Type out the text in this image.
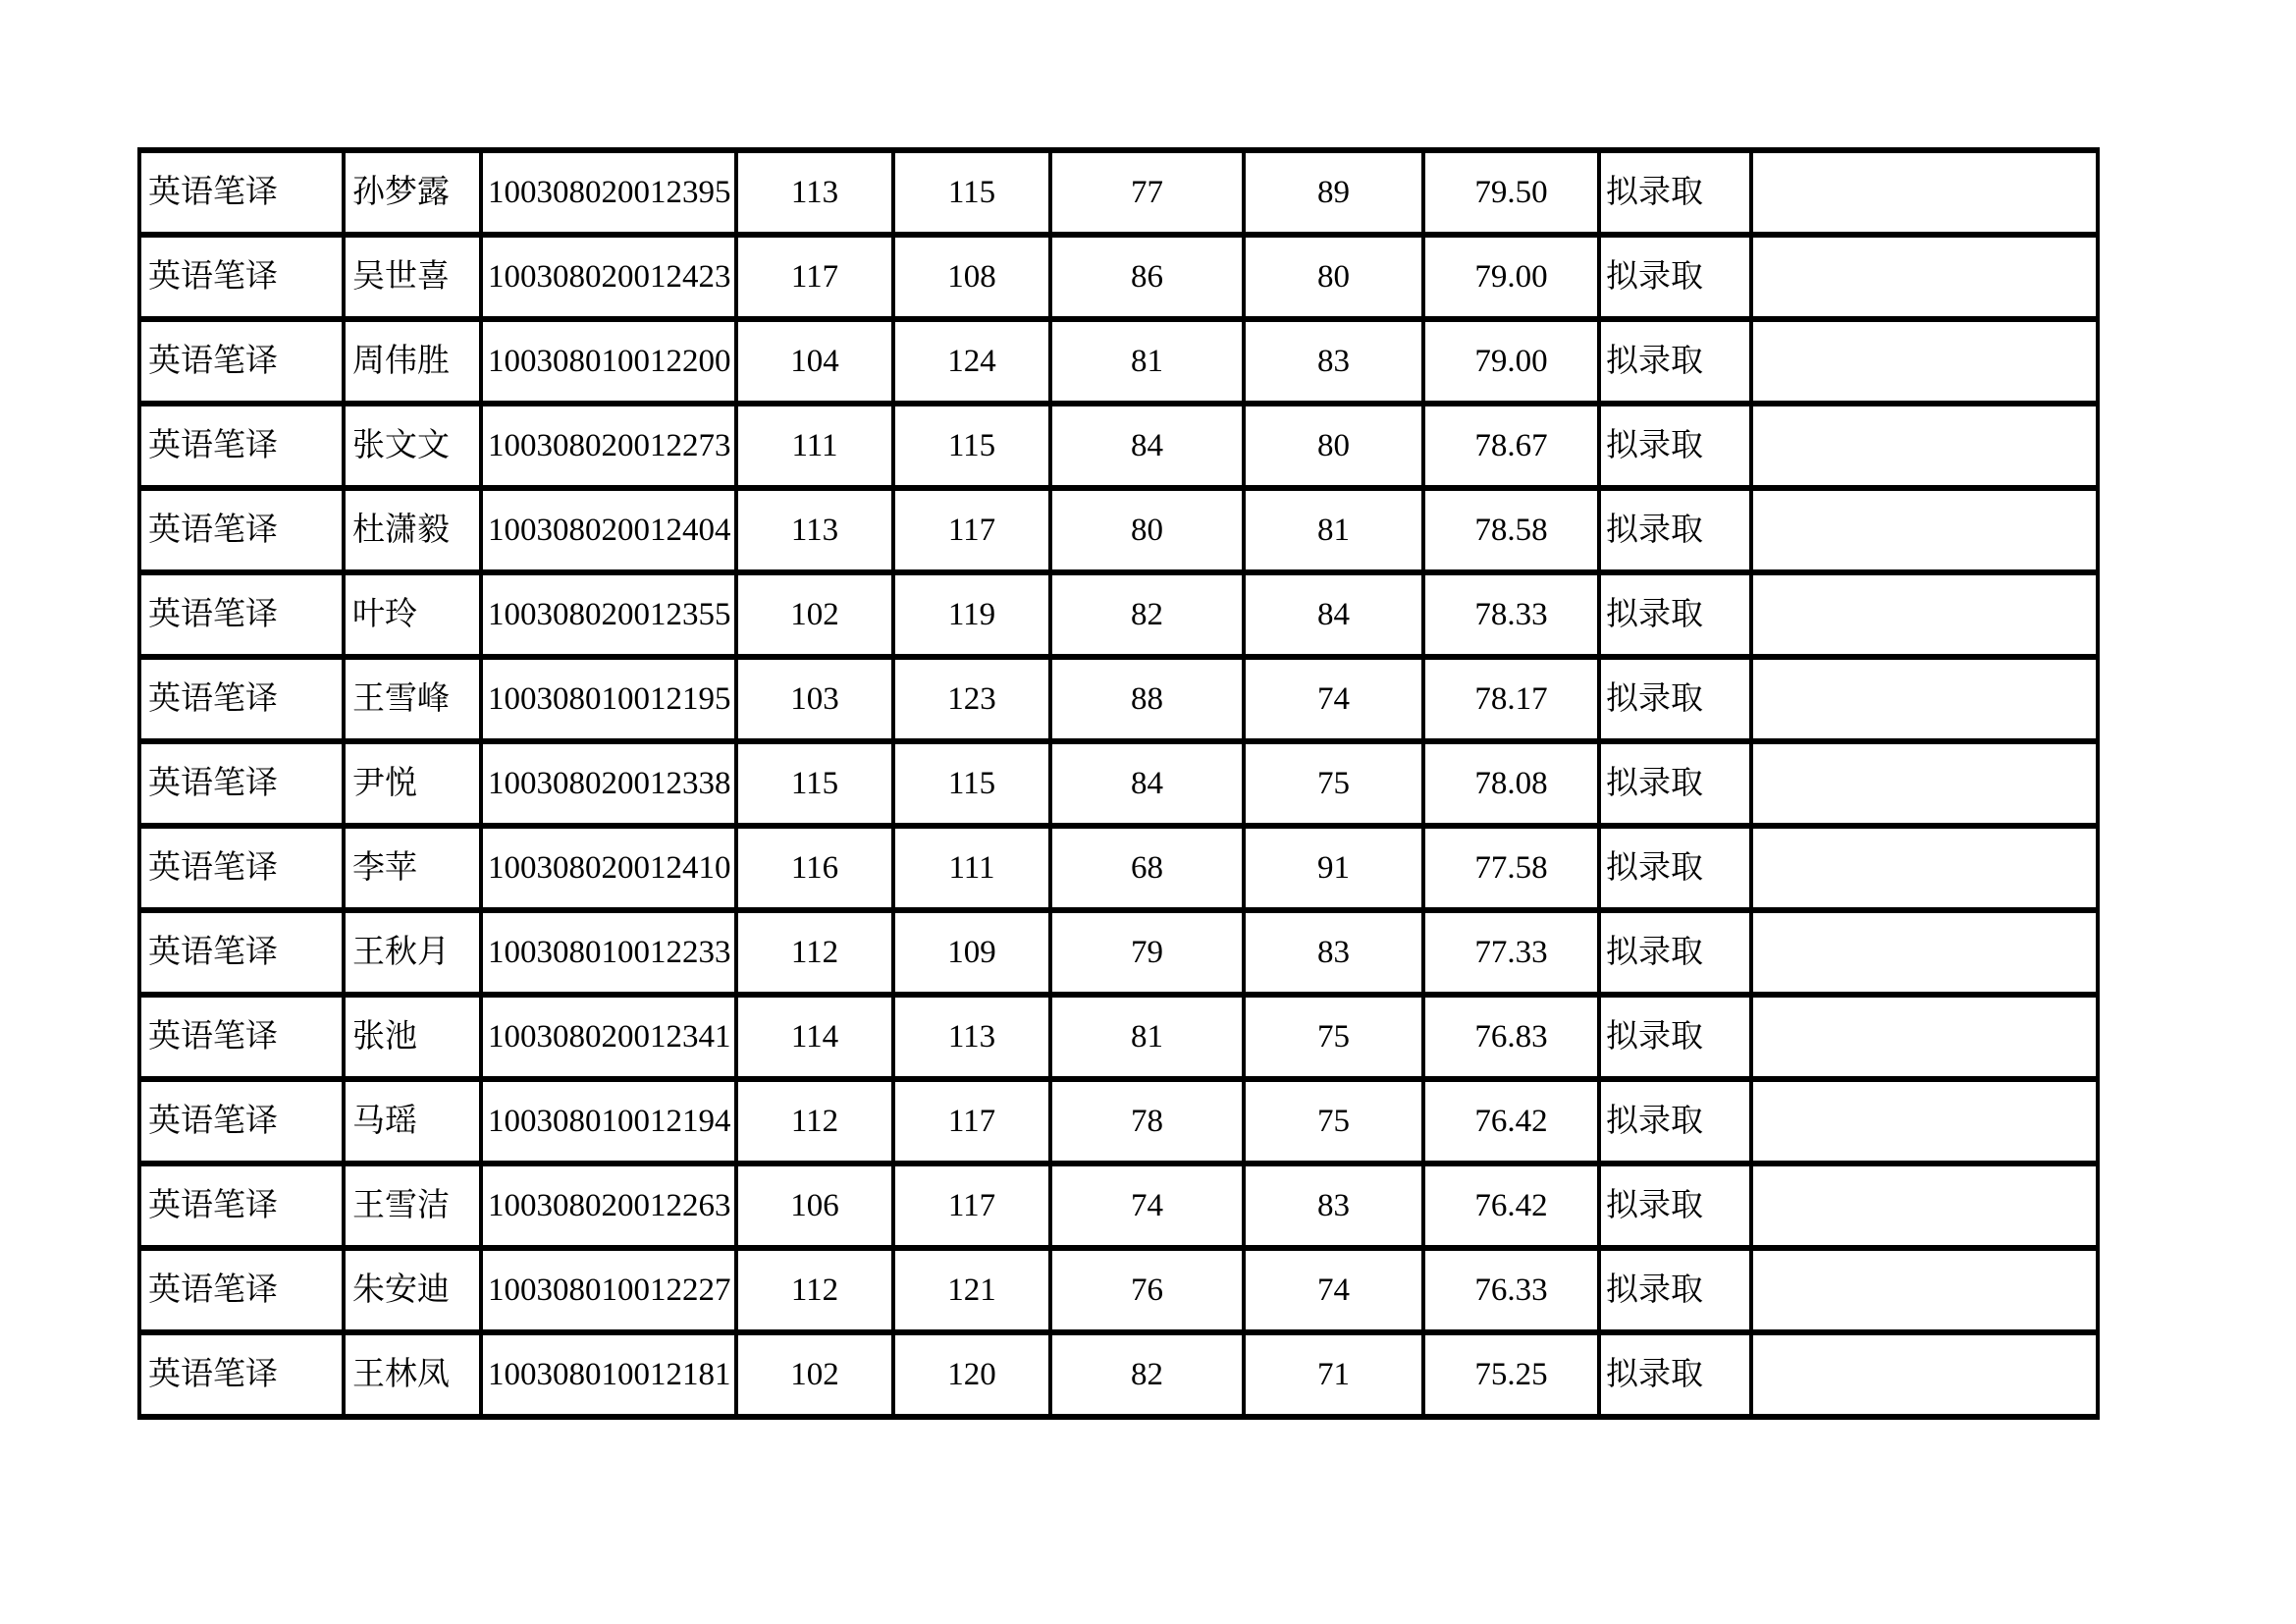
英语笔译	孙梦露	100308020012395	113	115	77	89	79.50	拟录取	
英语笔译	吴世喜	100308020012423	117	108	86	80	79.00	拟录取	
英语笔译	周伟胜	100308010012200	104	124	81	83	79.00	拟录取	
英语笔译	张文文	100308020012273	111	115	84	80	78.67	拟录取	
英语笔译	杜潇毅	100308020012404	113	117	80	81	78.58	拟录取	
英语笔译	叶玲	100308020012355	102	119	82	84	78.33	拟录取	
英语笔译	王雪峰	100308010012195	103	123	88	74	78.17	拟录取	
英语笔译	尹悦	100308020012338	115	115	84	75	78.08	拟录取	
英语笔译	李苹	100308020012410	116	111	68	91	77.58	拟录取	
英语笔译	王秋月	100308010012233	112	109	79	83	77.33	拟录取	
英语笔译	张池	100308020012341	114	113	81	75	76.83	拟录取	
英语笔译	马瑶	100308010012194	112	117	78	75	76.42	拟录取	
英语笔译	王雪洁	100308020012263	106	117	74	83	76.42	拟录取	
英语笔译	朱安迪	100308010012227	112	121	76	74	76.33	拟录取	
英语笔译	王林凤	100308010012181	102	120	82	71	75.25	拟录取	
